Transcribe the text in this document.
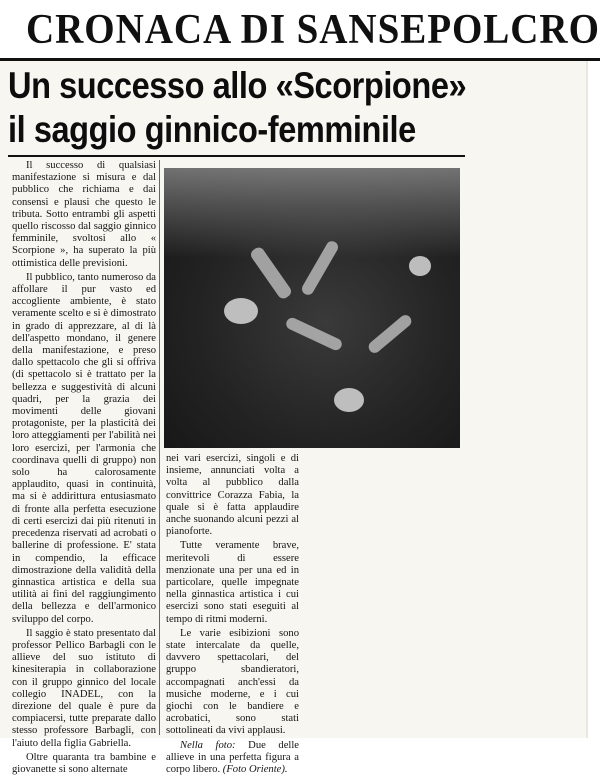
CRONACA DI SANSEPOLCRO
Un successo allo «Scorpione»
il saggio ginnico-femminile

Il successo di qualsiasi manifestazione si misura e dal pubblico che richiama e dai consensi e plausi che questo le tributa. Sotto entrambi gli aspetti quello riscosso dal saggio ginnico femminile, svoltosi allo « Scorpione », ha superato la più ottimistica delle previsioni.

Il pubblico, tanto numeroso da affollare il pur vasto ed accogliente ambiente, è stato veramente scelto e si è dimostrato in grado di apprezzare, al di là dell'aspetto mondano, il genere della manifestazione, e preso dallo spettacolo che gli si offriva (di spettacolo si è trattato per la bellezza e suggestività di alcuni quadri, per la grazia dei movimenti delle giovani protagoniste, per la plasticità dei loro atteggiamenti per l'abilità nei loro esercizi, per l'armonia che coordinava quelli di gruppo) non solo ha calorosamente applaudito, quasi in continuità, ma si è addirittura entusiasmato di fronte alla perfetta esecuzione di certi esercizi dai più ritenuti in precedenza riservati ad acrobati o ballerine di professione. E' stata in compendio, la efficace dimostrazione della validità della ginnastica artistica e della sua utilità ai fini del raggiungimento della bellezza e dell'armonico sviluppo del corpo.

Il saggio è stato presentato dal professor Pellico Barbagli con le allieve del suo istituto di kinesiterapia in collaborazione con il gruppo ginnico del locale collegio INADEL, con la direzione del quale è pure da compiacersi, tutte preparate dallo stesso professore Barbagli, con l'aiuto della figlia Gabriella.

Oltre quaranta tra bambine e giovanette si sono alternate

nei vari esercizi, singoli e di insieme, annunciati volta a volta al pubblico dalla convittrice Corazza Fabia, la quale si è fatta applaudire anche suonando alcuni pezzi al pianoforte.

Tutte veramente brave, meritevoli di essere menzionate una per una ed in particolare, quelle impegnate nella ginnastica artistica i cui esercizi sono stati eseguiti al tempo di ritmi moderni.

Le varie esibizioni sono state intercalate da quelle, davvero spettacolari, del gruppo sbandieratori, accompagnati anch'essi da musiche moderne, e i cui giochi con le bandiere e acrobatici, sono stati sottolineati da vivi applausi.

Nella foto: Due delle allieve in una perfetta figura a corpo libero. (Foto Oriente).
